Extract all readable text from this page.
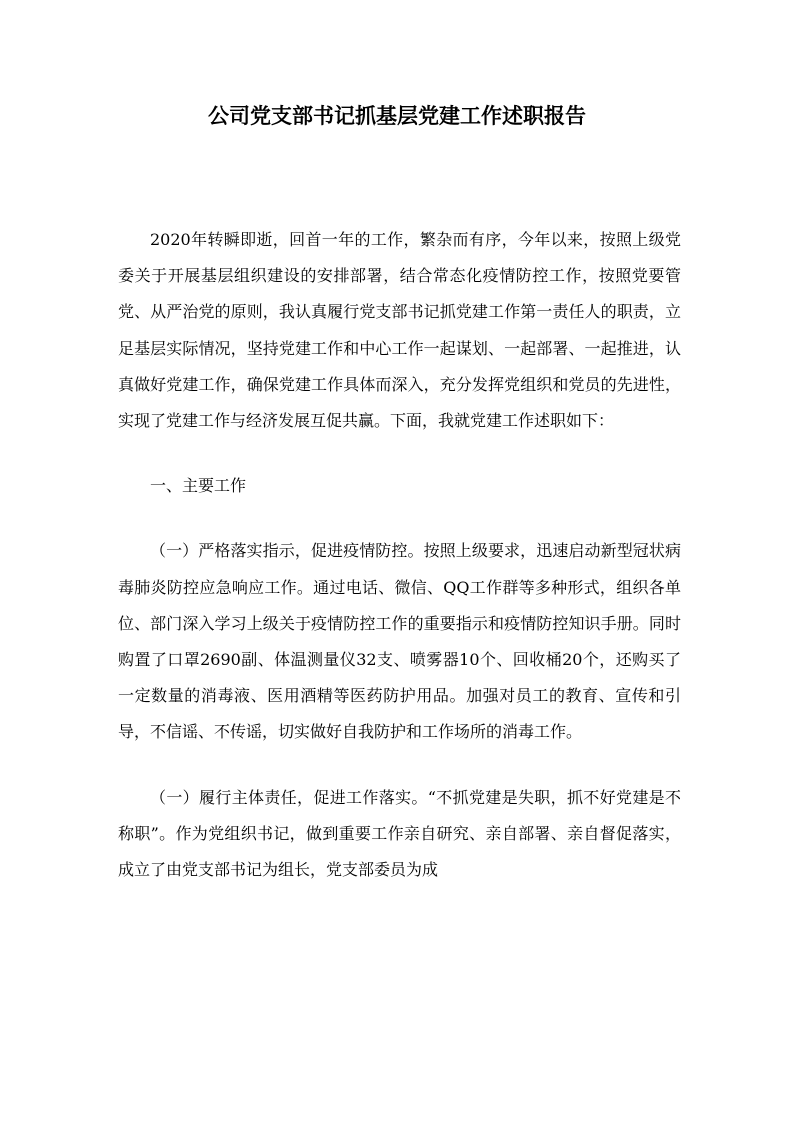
公司党支部书记抓基层党建工作述职报告

2020年转瞬即逝，回首一年的工作，繁杂而有序，今年以来，按照上级党委关于开展基层组织建设的安排部署，结合常态化疫情防控工作，按照党要管党、从严治党的原则，我认真履行党支部书记抓党建工作第一责任人的职责，立足基层实际情况，坚持党建工作和中心工作一起谋划、一起部署、一起推进，认真做好党建工作，确保党建工作具体而深入，充分发挥党组织和党员的先进性，实现了党建工作与经济发展互促共赢。下面，我就党建工作述职如下：

一、主要工作

（一）严格落实指示，促进疫情防控。按照上级要求，迅速启动新型冠状病毒肺炎防控应急响应工作。通过电话、微信、QQ工作群等多种形式，组织各单位、部门深入学习上级关于疫情防控工作的重要指示和疫情防控知识手册。同时购置了口罩2690副、体温测量仪32支、喷雾器10个、回收桶20个，还购买了一定数量的消毒液、医用酒精等医药防护用品。加强对员工的教育、宣传和引导，不信谣、不传谣，切实做好自我防护和工作场所的消毒工作。

（一）履行主体责任，促进工作落实。“不抓党建是失职，抓不好党建是不称职”。作为党组织书记，做到重要工作亲自研究、亲自部署、亲自督促落实，成立了由党支部书记为组长，党支部委员为成
